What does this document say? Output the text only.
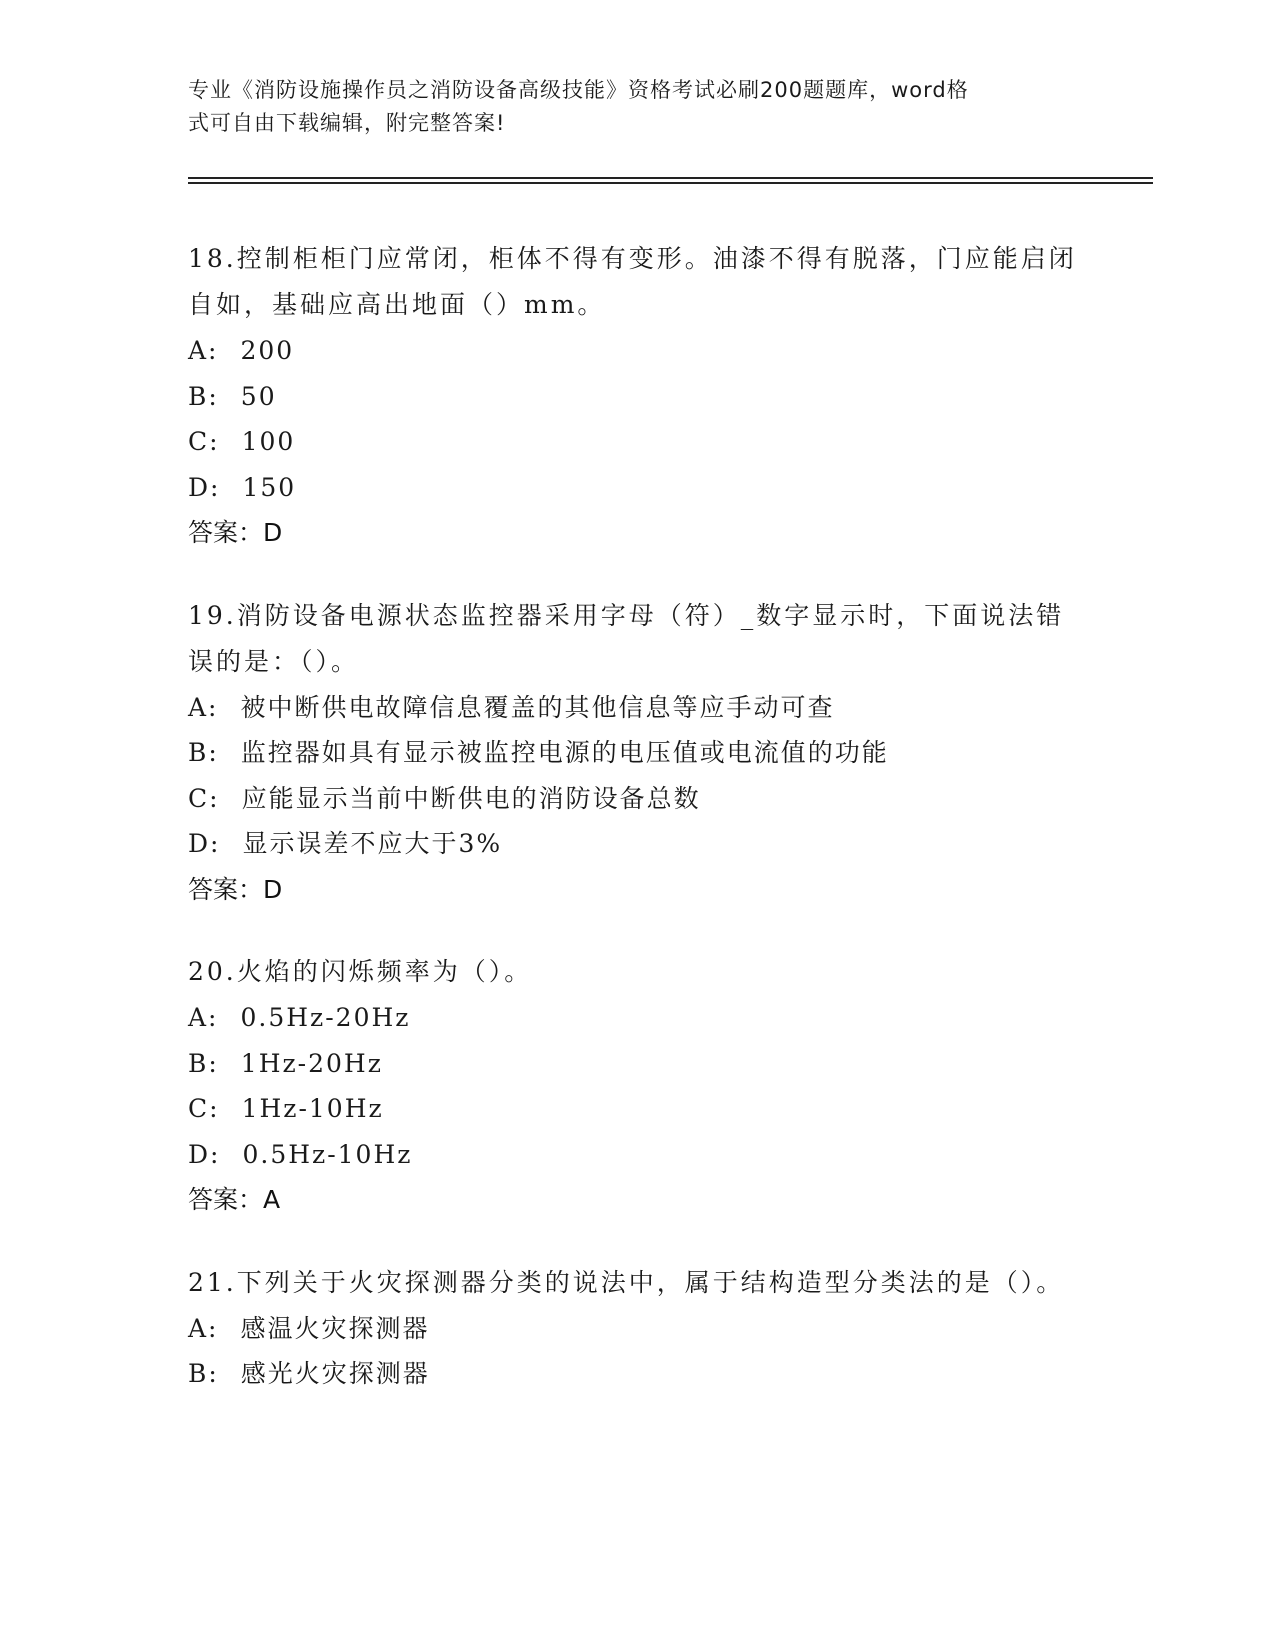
专业《消防设施操作员之消防设备高级技能》资格考试必刷200题题库，word格
式可自由下载编辑，附完整答案!
18.控制柜柜门应常闭，柜体不得有变形。油漆不得有脱落，门应能启闭自如，基础应高出地面（）mm。
A: 200
B: 50
C: 100
D: 150
答案：D
19.消防设备电源状态监控器采用字母（符）_数字显示时，下面说法错误的是：（）。
A: 被中断供电故障信息覆盖的其他信息等应手动可查
B: 监控器如具有显示被监控电源的电压值或电流值的功能
C: 应能显示当前中断供电的消防设备总数
D: 显示误差不应大于3%
答案：D
20.火焰的闪烁频率为（）。
A: 0.5Hz-20Hz
B: 1Hz-20Hz
C: 1Hz-10Hz
D: 0.5Hz-10Hz
答案：A
21.下列关于火灾探测器分类的说法中，属于结构造型分类法的是（）。
A: 感温火灾探测器
B: 感光火灾探测器
